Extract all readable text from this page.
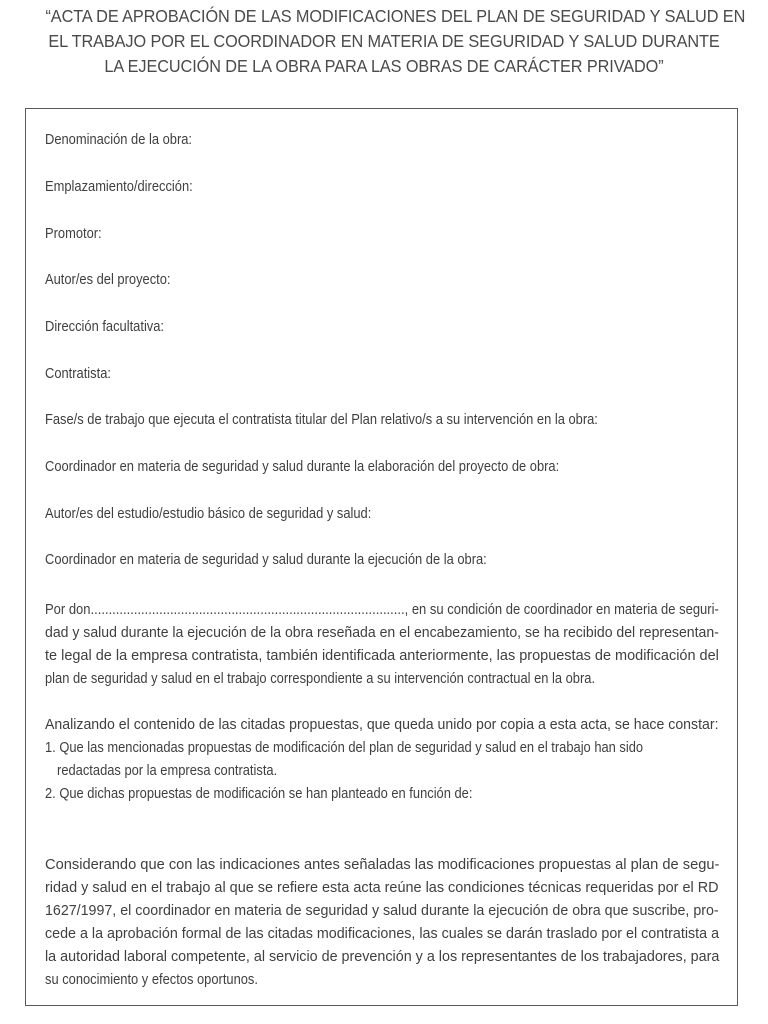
“ACTA DE APROBACIÓN DE LAS MODIFICACIONES DEL PLAN DE SEGURIDAD Y SALUD EN
EL TRABAJO POR EL COORDINADOR EN MATERIA DE SEGURIDAD Y SALUD DURANTE
LA EJECUCIÓN DE LA OBRA PARA LAS OBRAS DE CARÁCTER PRIVADO”
Denominación de la obra:
Emplazamiento/dirección:
Promotor:
Autor/es del proyecto:
Dirección facultativa:
Contratista:
Fase/s de trabajo que ejecuta el contratista titular del Plan relativo/s a su intervención en la obra:
Coordinador en materia de seguridad y salud durante la elaboración del proyecto de obra:
Autor/es del estudio/estudio básico de seguridad y salud:
Coordinador en materia de seguridad y salud durante la ejecución de la obra:
Por don......................................................................................., en su condición de coordinador en materia de seguri-
dad y salud durante la ejecución de la obra reseñada en el encabezamiento, se ha recibido del representan-
te legal de la empresa contratista, también identificada anteriormente, las propuestas de modificación del
plan de seguridad y salud en el trabajo correspondiente a su intervención contractual en la obra.
Analizando el contenido de las citadas propuestas, que queda unido por copia a esta acta, se hace constar:
1. Que las mencionadas propuestas de modificación del plan de seguridad y salud en el trabajo han sido
redactadas por la empresa contratista.
2. Que dichas propuestas de modificación se han planteado en función de:
Considerando que con las indicaciones antes señaladas las modificaciones propuestas al plan de segu-
ridad y salud en el trabajo al que se refiere esta acta reúne las condiciones técnicas requeridas por el RD
1627/1997, el coordinador en materia de seguridad y salud durante la ejecución de obra que suscribe, pro-
cede a la aprobación formal de las citadas modificaciones, las cuales se darán traslado por el contratista a
la autoridad laboral competente, al servicio de prevención y a los representantes de los trabajadores, para
su conocimiento y efectos oportunos.
